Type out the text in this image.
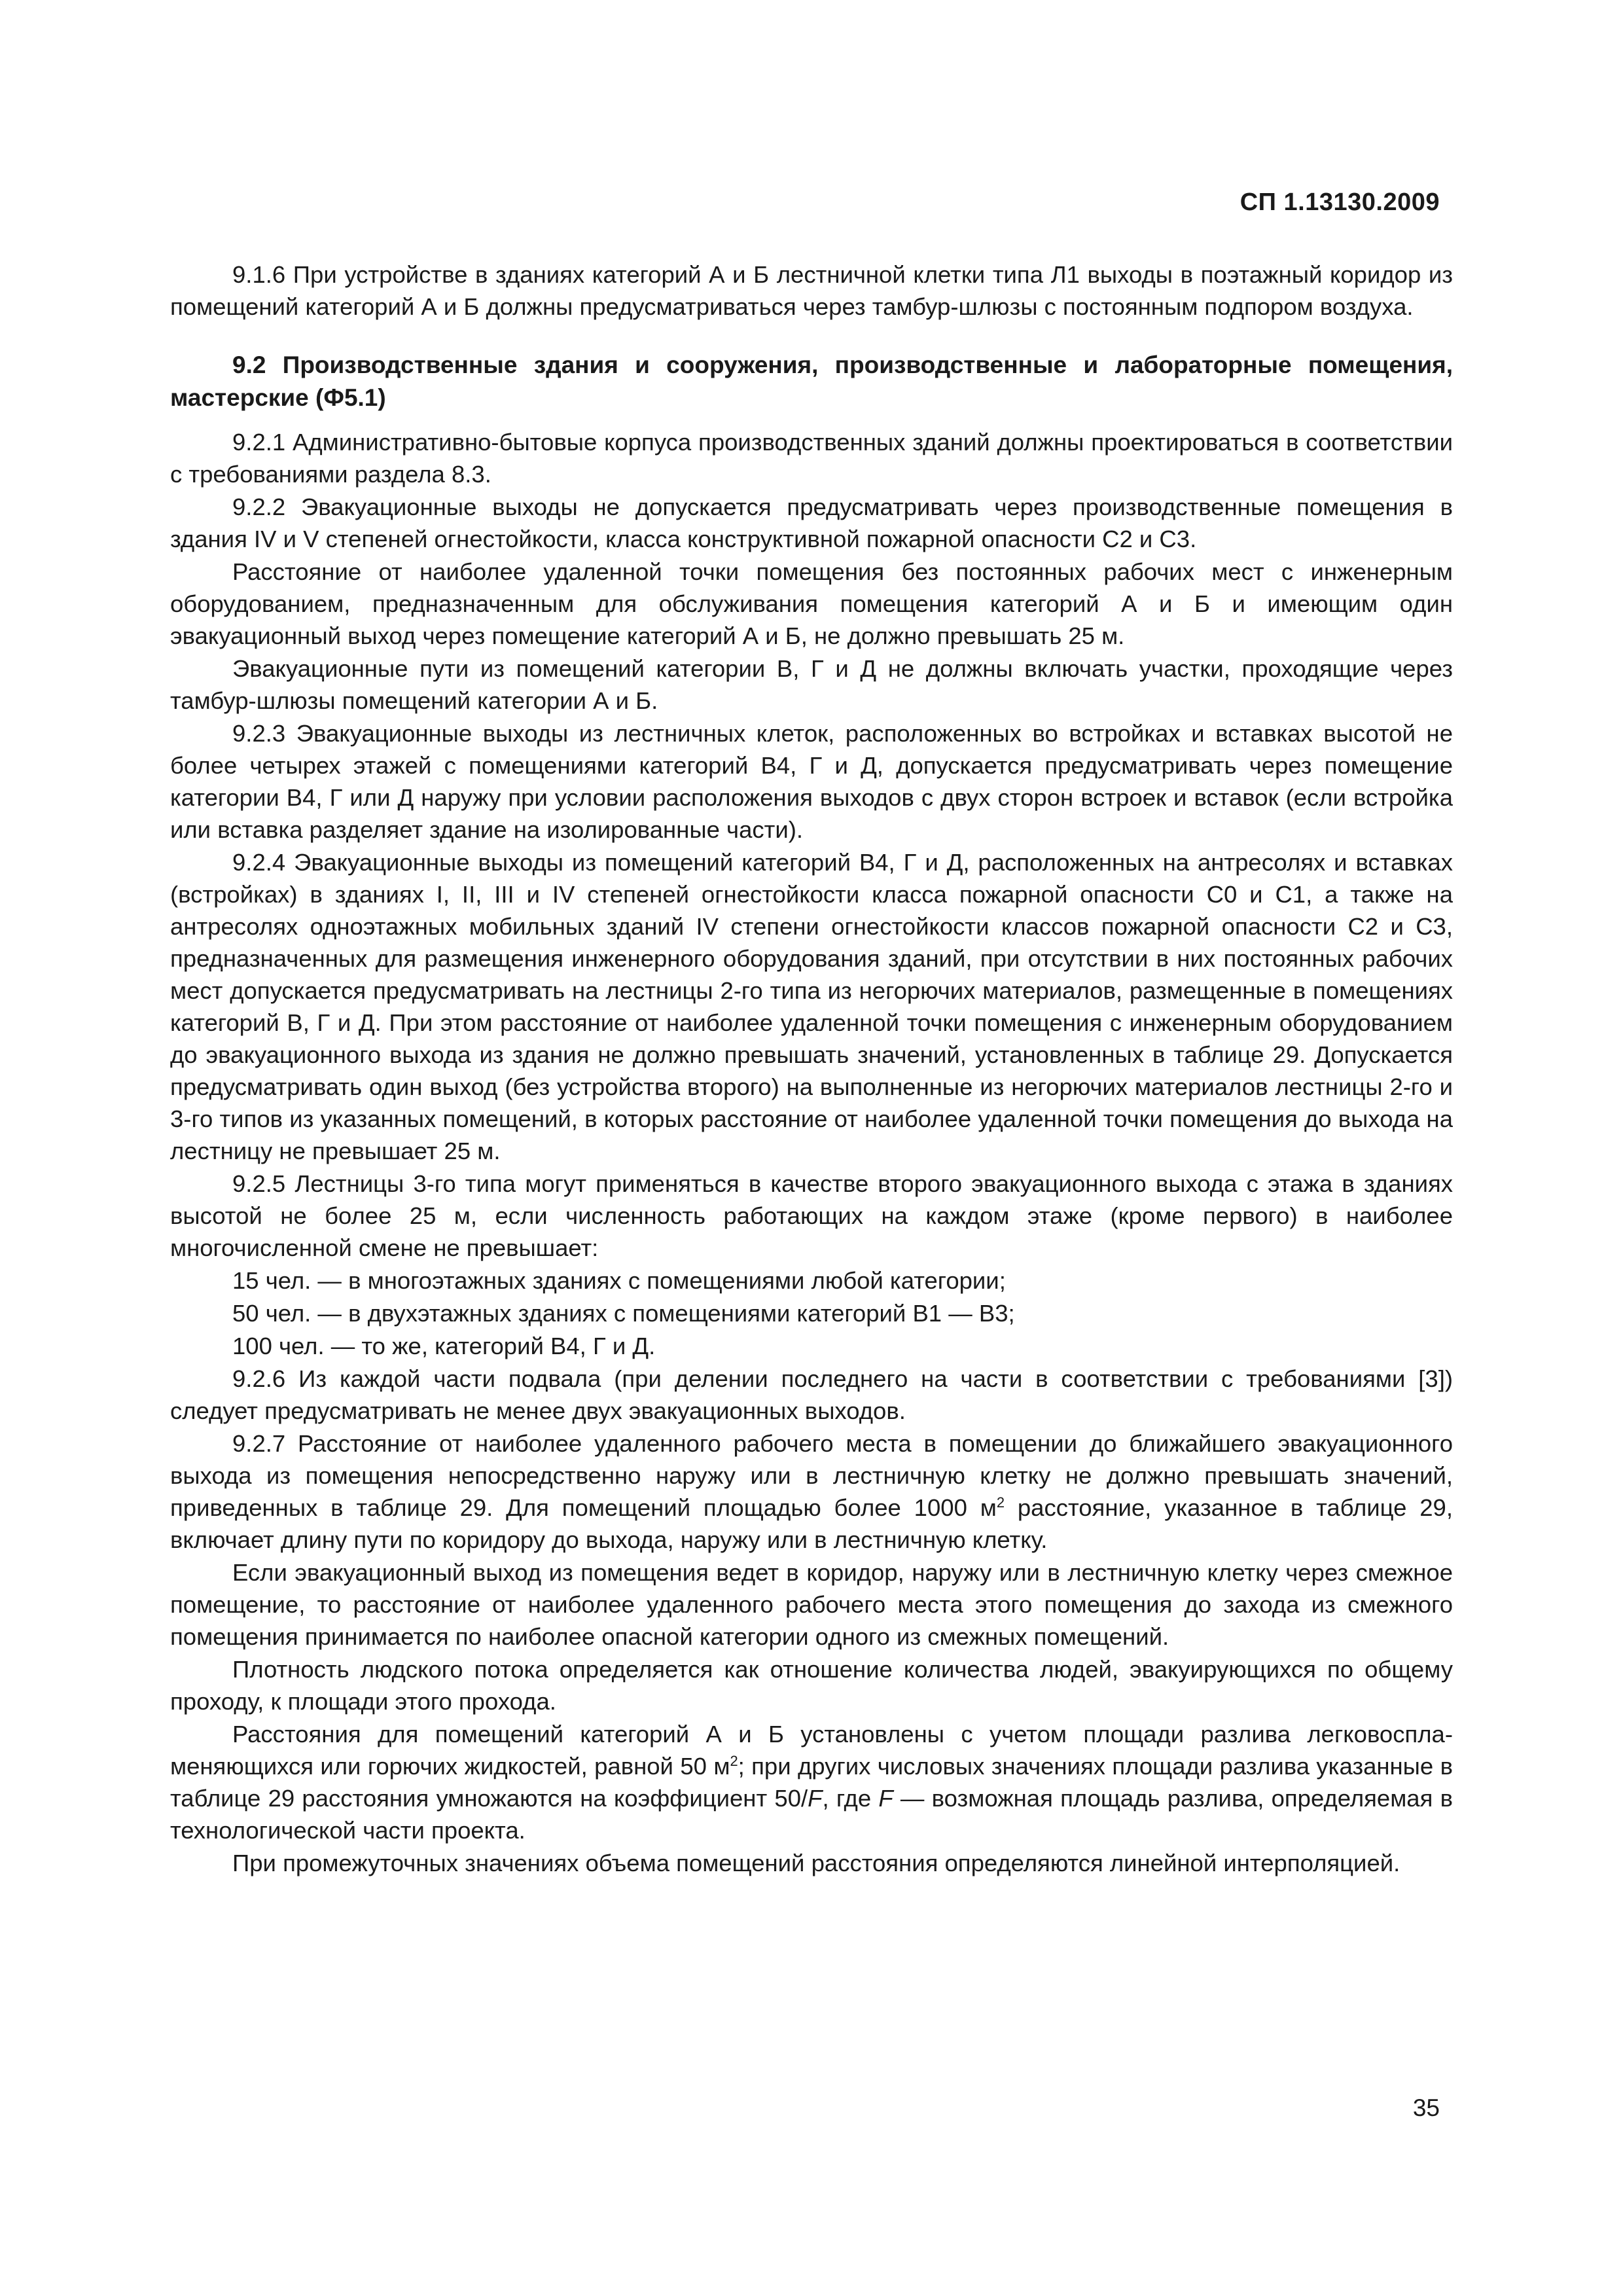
СП 1.13130.2009

9.1.6 При устройстве в зданиях категорий А и Б лестничной клетки типа Л1 выходы в поэтажный коридор из помещений категорий А и Б должны предусматриваться через тамбур-шлюзы с постоянным подпором воздуха.

9.2 Производственные здания и сооружения, производственные и лабораторные помещения, мастерские (Ф5.1)

9.2.1 Административно-бытовые корпуса производственных зданий должны проектироваться в соответствии с требованиями раздела 8.3.

9.2.2 Эвакуационные выходы не допускается предусматривать через производственные помещения в здания IV и V степеней огнестойкости, класса конструктивной пожарной опасности С2 и С3.

Расстояние от наиболее удаленной точки помещения без постоянных рабочих мест с инженерным оборудованием, предназначенным для обслуживания помещения категорий А и Б и имеющим один эвакуационный выход через помещение категорий А и Б, не должно превышать 25 м.

Эвакуационные пути из помещений категории В, Г и Д не должны включать участки, проходящие через тамбур-шлюзы помещений категории А и Б.

9.2.3 Эвакуационные выходы из лестничных клеток, расположенных во встройках и вставках высотой не более четырех этажей с помещениями категорий В4, Г и Д, допускается предусматривать через помещение категории В4, Г или Д наружу при условии расположения выходов с двух сторон встроек и вставок (если встройка или вставка разделяет здание на изолированные части).

9.2.4 Эвакуационные выходы из помещений категорий В4, Г и Д, расположенных на антресолях и вставках (встройках) в зданиях I, II, III и IV степеней огнестойкости класса пожарной опасности С0 и С1, а также на антресолях одноэтажных мобильных зданий IV степени огнестойкости классов пожарной опасности С2 и С3, предназначенных для размещения инженерного оборудования зданий, при отсутствии в них постоянных рабочих мест допускается предусматривать на лестницы 2-го типа из негорючих материалов, размещенные в помещениях категорий В, Г и Д. При этом расстояние от наиболее удаленной точки помещения с инженерным оборудованием до эвакуационного выхода из здания не должно превышать значений, установленных в таблице 29. Допускается предусматривать один выход (без устройства второго) на выполненные из негорючих материалов лестницы 2-го и 3-го типов из указанных помещений, в которых расстояние от наиболее удаленной точки помещения до выхода на лестницу не превышает 25 м.

9.2.5 Лестницы 3-го типа могут применяться в качестве второго эвакуационного выхода с этажа в зданиях высотой не более 25 м, если численность работающих на каждом этаже (кроме первого) в наиболее многочисленной смене не превышает:

15 чел. — в многоэтажных зданиях с помещениями любой категории;

50 чел. — в двухэтажных зданиях с помещениями категорий В1 — В3;

100 чел. — то же, категорий В4, Г и Д.

9.2.6 Из каждой части подвала (при делении последнего на части в соответствии с требованиями [3]) следует предусматривать не менее двух эвакуационных выходов.

9.2.7 Расстояние от наиболее удаленного рабочего места в помещении до ближайшего эвакуационного выхода из помещения непосредственно наружу или в лестничную клетку не должно превышать значений, приведенных в таблице 29. Для помещений площадью более 1000 $м^2$ расстояние, указанное в таблице 29, включает длину пути по коридору до выхода, наружу или в лестничную клетку.

Если эвакуационный выход из помещения ведет в коридор, наружу или в лестничную клетку через смежное помещение, то расстояние от наиболее удаленного рабочего места этого помещения до захода из смежного помещения принимается по наиболее опасной категории одного из смежных помещений.

Плотность людского потока определяется как отношение количества людей, эвакуирующихся по общему проходу, к площади этого прохода.

Расстояния для помещений категорий А и Б установлены с учетом площади разлива легковоспламеняющихся или горючих жидкостей, равной 50 $м^2$; при других числовых значениях площади разлива указанные в таблице 29 расстояния умножаются на коэффициент 50/F, где F — возможная площадь разлива, определяемая в технологической части проекта.

При промежуточных значениях объема помещений расстояния определяются линейной интерполяцией.

35
